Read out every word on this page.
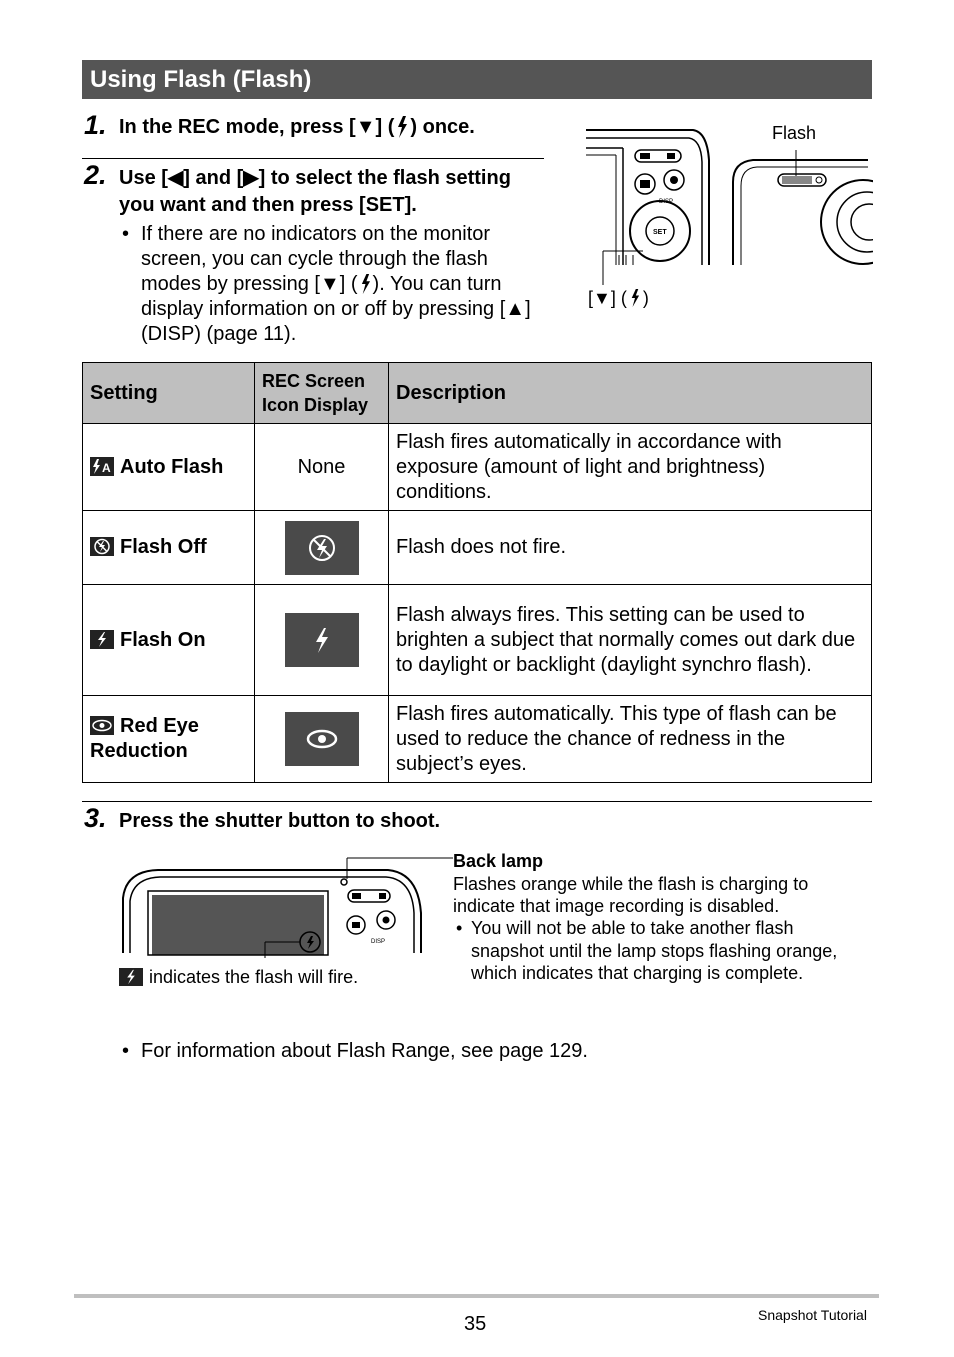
Using Flash (Flash)
1. In the REC mode, press [▼] ( ) once.
2. Use [◀] and [▶] to select the flash setting you want and then press [SET].
• If there are no indicators on the monitor screen, you can cycle through the flash modes by pressing [▼] ( ). You can turn display information on or off by pressing [▲] (DISP) (page 11).
DISP
SET
Flash
[▼] ( )
Setting	REC Screen Icon Display	Description

A Auto Flash	None	Flash fires automatically in accordance with exposure (amount of light and brightness) conditions.
Flash Off		Flash does not fire.
Flash On		Flash always fires. This setting can be used to brighten a subject that normally comes out dark due to daylight or backlight (daylight synchro flash).
Red Eye Reduction		Flash fires automatically. This type of flash can be used to reduce the chance of redness in the subject’s eyes.
3. Press the shutter button to shoot.
DISP
Back lamp
Flashes orange while the flash is charging to indicate that image recording is disabled.
• You will not be able to take another flash snapshot until the lamp stops flashing orange, which indicates that charging is complete.
indicates the flash will fire.
• For information about Flash Range, see page 129.
35	Snapshot Tutorial
